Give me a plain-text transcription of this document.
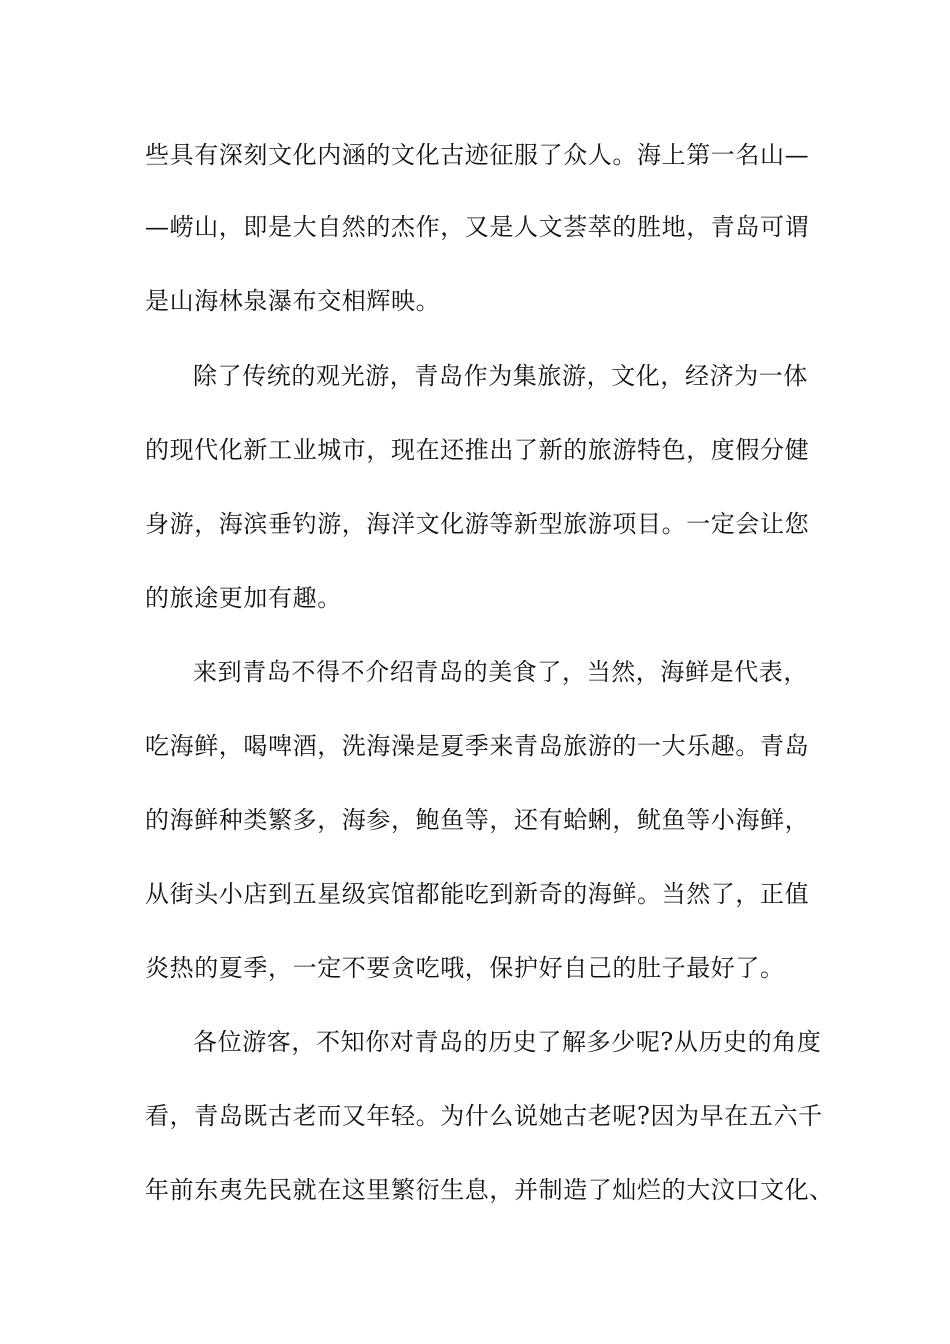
些具有深刻文化内涵的文化古迹征服了众人。海上第一名山—
—崂山，即是大自然的杰作，又是人文荟萃的胜地，青岛可谓
是山海林泉瀑布交相辉映。
除了传统的观光游，青岛作为集旅游，文化，经济为一体
的现代化新工业城市，现在还推出了新的旅游特色，度假分健
身游，海滨垂钓游，海洋文化游等新型旅游项目。一定会让您
的旅途更加有趣。
来到青岛不得不介绍青岛的美食了，当然，海鲜是代表，
吃海鲜，喝啤酒，洗海澡是夏季来青岛旅游的一大乐趣。青岛
的海鲜种类繁多，海参，鲍鱼等，还有蛤蜊，鱿鱼等小海鲜，
从街头小店到五星级宾馆都能吃到新奇的海鲜。当然了，正值
炎热的夏季，一定不要贪吃哦，保护好自己的肚子最好了。
各位游客，不知你对青岛的历史了解多少呢?从历史的角度
看，青岛既古老而又年轻。为什么说她古老呢?因为早在五六千
年前东夷先民就在这里繁衍生息，并制造了灿烂的大汶口文化、
